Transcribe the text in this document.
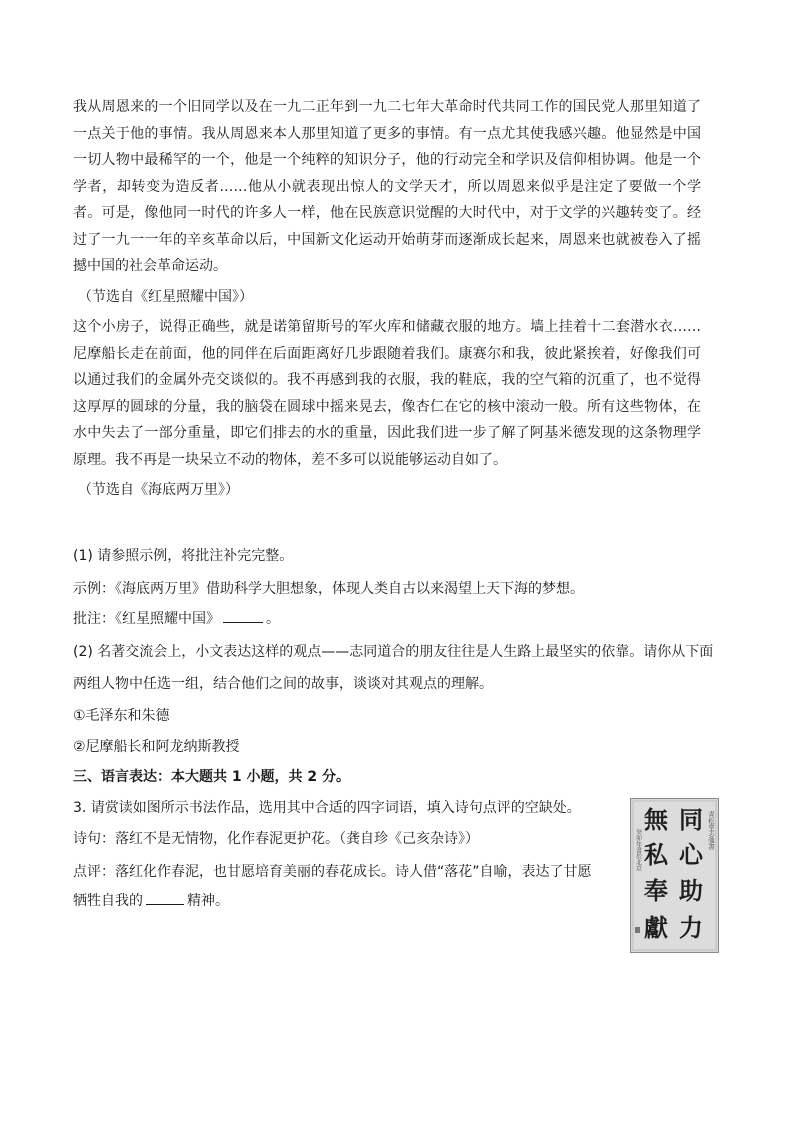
我从周恩来的一个旧同学以及在一九二正年到一九二七年大革命时代共同工作的国民党人那里知道了一点关于他的事情。我从周恩来本人那里知道了更多的事情。有一点尤其使我感兴趣。他显然是中国一切人物中最稀罕的一个，他是一个纯粹的知识分子，他的行动完全和学识及信仰相协调。他是一个学者，却转变为造反者……他从小就表现出惊人的文学天才，所以周恩来似乎是注定了要做一个学者。可是，像他同一时代的许多人一样，他在民族意识觉醒的大时代中，对于文学的兴趣转变了。经过了一九一一年的辛亥革命以后，中国新文化运动开始萌芽而逐渐成长起来，周恩来也就被卷入了摇撼中国的社会革命运动。

（节选自《红星照耀中国》）

这个小房子，说得正确些，就是诺第留斯号的军火库和储藏衣服的地方。墙上挂着十二套潜水衣……尼摩船长走在前面，他的同伴在后面距离好几步跟随着我们。康赛尔和我，彼此紧挨着，好像我们可以通过我们的金属外壳交谈似的。我不再感到我的衣服，我的鞋底，我的空气箱的沉重了，也不觉得这厚厚的圆球的分量，我的脑袋在圆球中摇来晃去，像杏仁在它的核中滚动一般。所有这些物体，在水中失去了一部分重量，即它们排去的水的重量，因此我们进一步了解了阿基米德发现的这条物理学原理。我不再是一块呆立不动的物体，差不多可以说能够运动自如了。

（节选自《海底两万里》）

(1) 请参照示例，将批注补完完整。

示例：《海底两万里》借助科学大胆想象，体现人类自古以来渴望上天下海的梦想。

批注：《红星照耀中国》	。

(2) 名著交流会上，小文表达这样的观点——志同道合的朋友往往是人生路上最坚实的依靠。请你从下面

两组人物中任选一组，结合他们之间的故事，谈谈对其观点的理解。

①毛泽东和朱德

②尼摩船长和阿龙纳斯教授

三、语言表达：本大题共 1 小题，共 2 分。

3. 请赏读如图所示书法作品，选用其中合适的四字词语，填入诗句点评的空缺处。

诗句：落红不是无情物，化作春泥更护花。（龚自珍《己亥杂诗》）

点评：落红化作春泥，也甘愿培育美丽的春花成长。诗人借“落花”自喻，表达了甘愿

牺牲自我的	精神。

同
心
助
力
無
私
奉
獻
青松堂志強書
癸卯年書於北京
